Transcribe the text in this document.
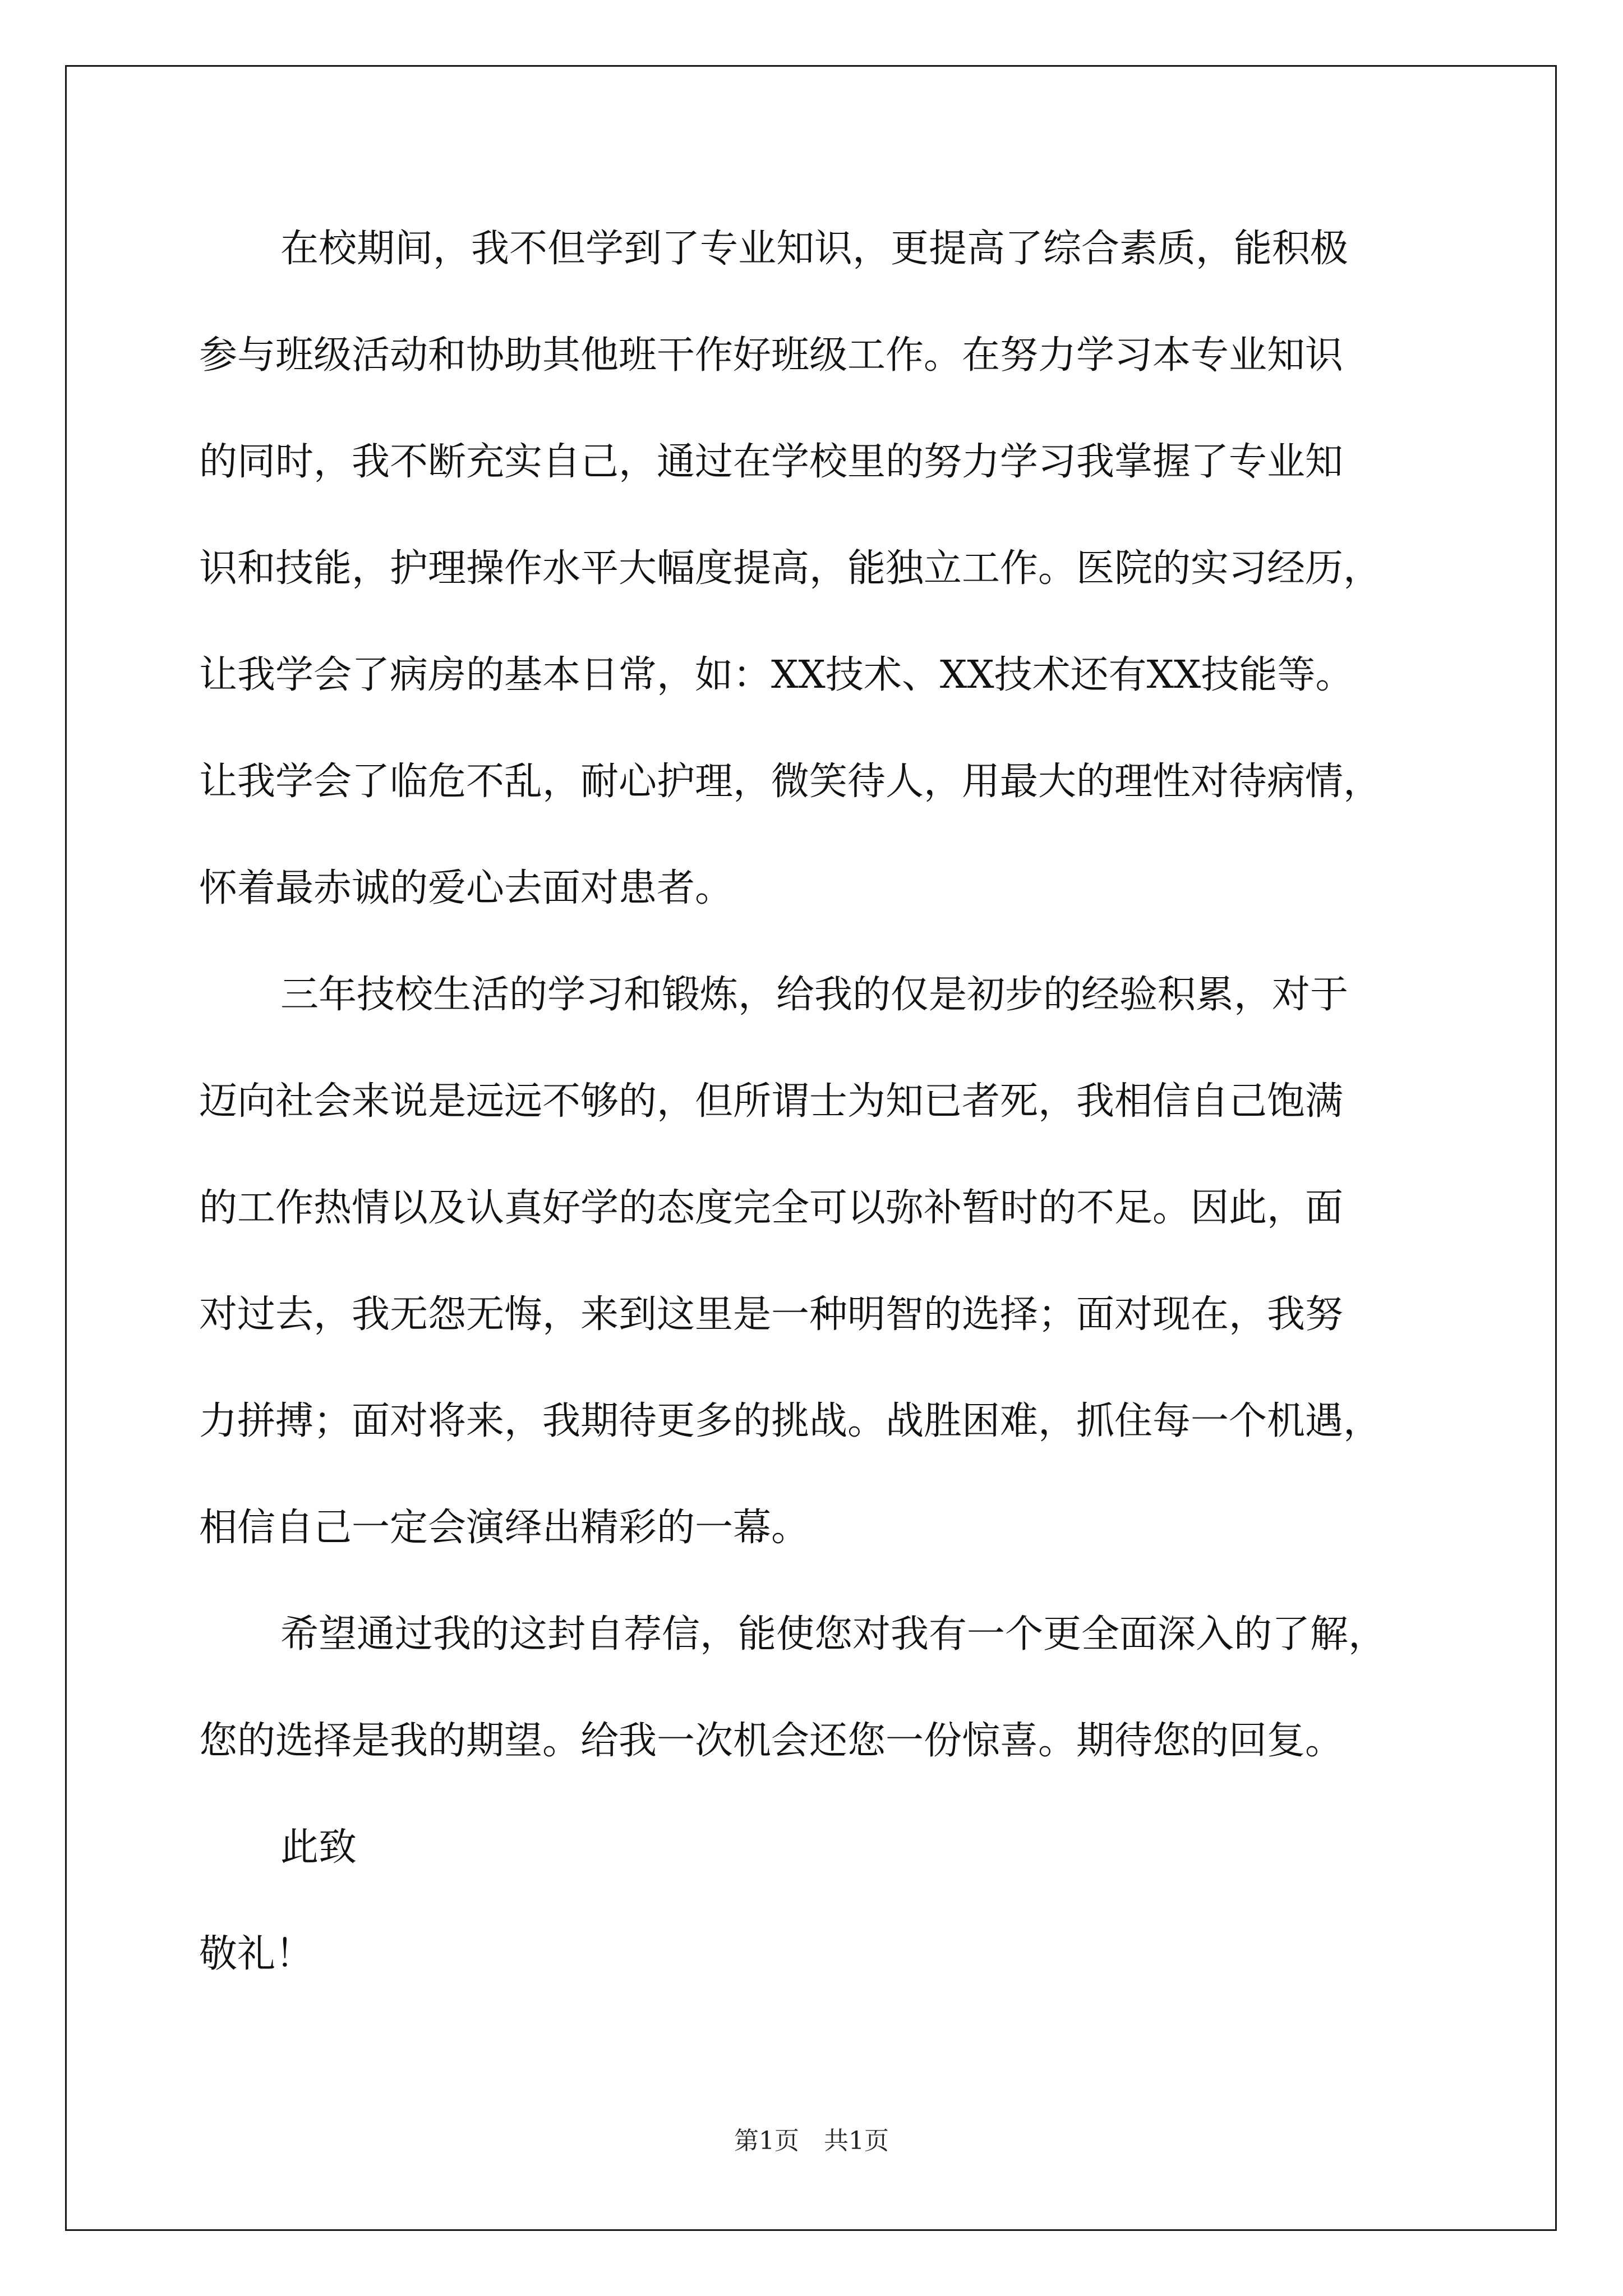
在校期间，我不但学到了专业知识，更提高了综合素质，能积极
参与班级活动和协助其他班干作好班级工作。在努力学习本专业知识
的同时，我不断充实自己，通过在学校里的努力学习我掌握了专业知
识和技能，护理操作水平大幅度提高，能独立工作。医院的实习经历，
让我学会了病房的基本日常，如：XX技术、XX技术还有XX技能等。
让我学会了临危不乱，耐心护理，微笑待人，用最大的理性对待病情，
怀着最赤诚的爱心去面对患者。
三年技校生活的学习和锻炼，给我的仅是初步的经验积累，对于
迈向社会来说是远远不够的，但所谓士为知已者死，我相信自己饱满
的工作热情以及认真好学的态度完全可以弥补暂时的不足。因此，面
对过去，我无怨无悔，来到这里是一种明智的选择；面对现在，我努
力拼搏；面对将来，我期待更多的挑战。战胜困难，抓住每一个机遇，
相信自己一定会演绎出精彩的一幕。
希望通过我的这封自荐信，能使您对我有一个更全面深入的了解，
您的选择是我的期望。给我一次机会还您一份惊喜。期待您的回复。
此致
敬礼！
第1页　共1页
